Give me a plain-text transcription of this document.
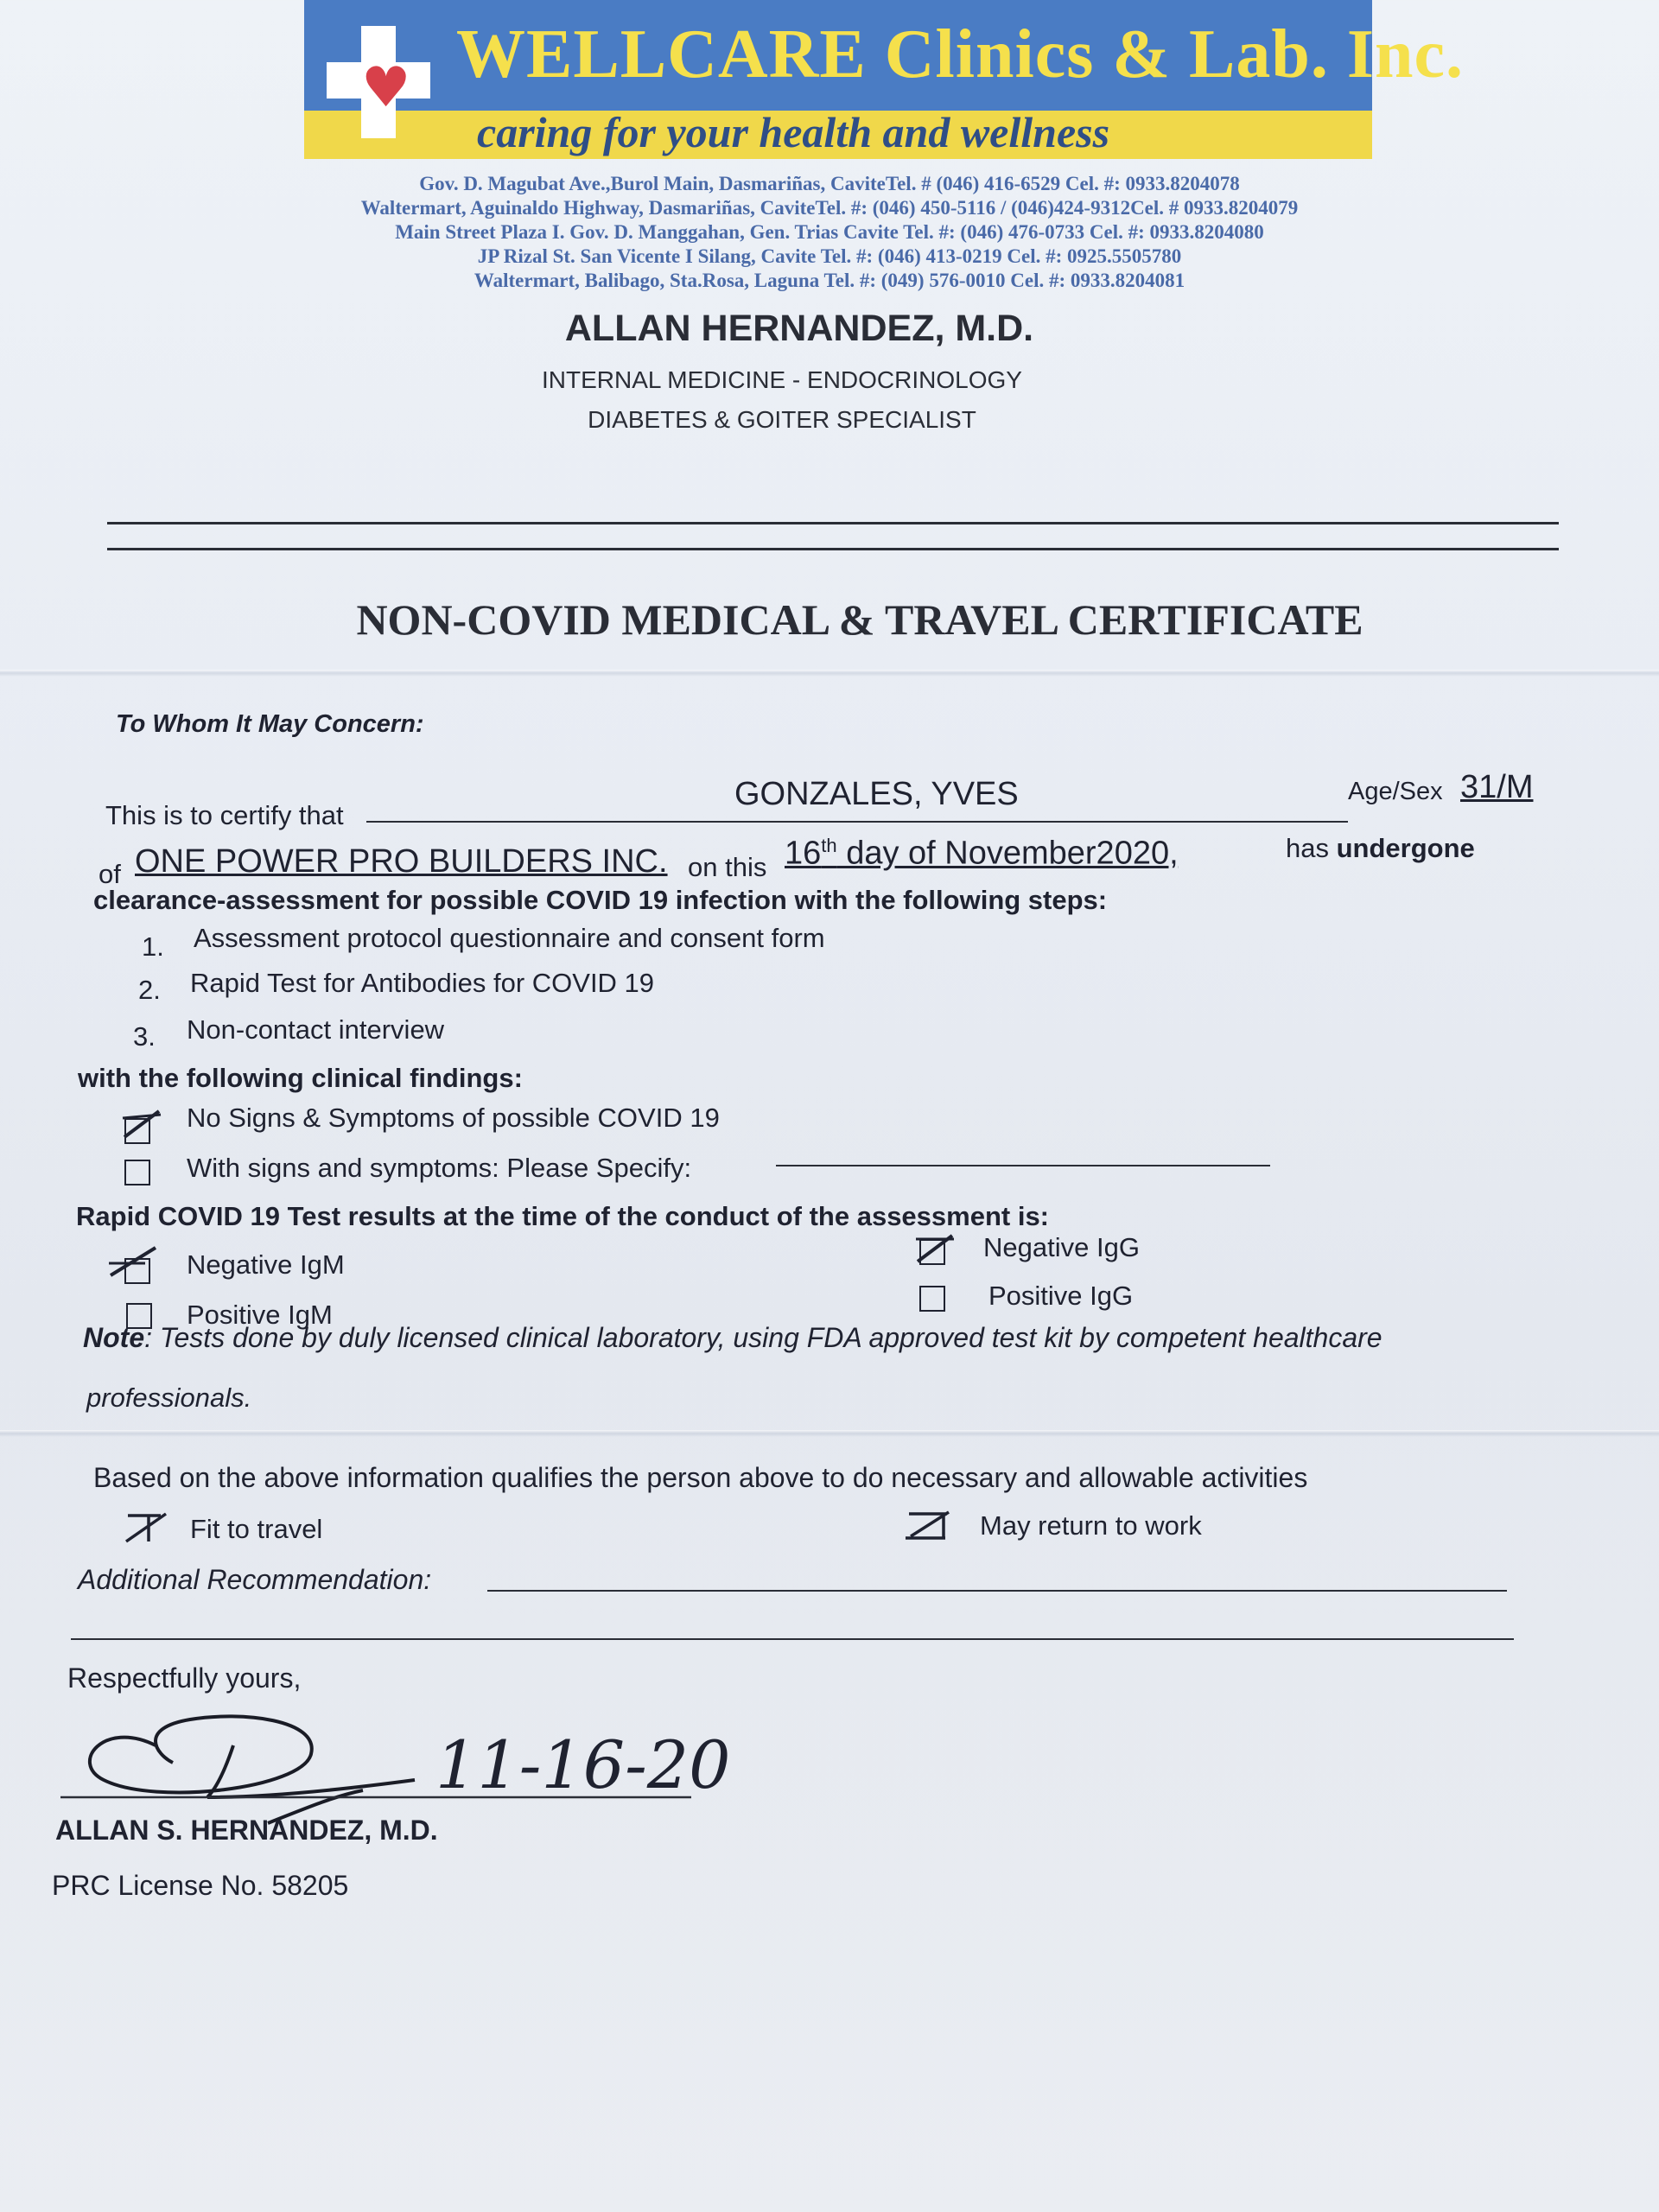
♥ WELLCARE Clinics & Lab. Inc.
caring for your health and wellness
Gov. D. Magubat Ave.,Burol Main, Dasmariñas, CaviteTel. # (046) 416-6529 Cel. #: 0933.8204078
Waltermart, Aguinaldo Highway, Dasmariñas, CaviteTel. #: (046) 450-5116 / (046)424-9312Cel. # 0933.8204079
Main Street Plaza I. Gov. D. Manggahan, Gen. Trias Cavite Tel. #: (046) 476-0733 Cel. #: 0933.8204080
JP Rizal St. San Vicente I Silang, Cavite Tel. #: (046) 413-0219 Cel. #: 0925.5505780
Waltermart, Balibago, Sta.Rosa, Laguna Tel. #: (049) 576-0010 Cel. #: 0933.8204081
ALLAN HERNANDEZ, M.D.
INTERNAL MEDICINE - ENDOCRINOLOGY
DIABETES & GOITER SPECIALIST
NON-COVID MEDICAL & TRAVEL CERTIFICATE
To Whom It May Concern:
This is to certify that
GONZALES, YVES	Age/Sex 31/M
of ONE POWER PRO BUILDERS INC. on this 16th day of November2020,	has undergone
clearance-assessment for possible COVID 19 infection with the following steps:
1. Assessment protocol questionnaire and consent form
2. Rapid Test for Antibodies for COVID 19
3. Non-contact interview
with the following clinical findings:
No Signs & Symptoms of possible COVID 19
With signs and symptoms: Please Specify:
Rapid COVID 19 Test results at the time of the conduct of the assessment is:
Negative IgM
Positive IgM
Negative IgG
Positive IgG
Note: Tests done by duly licensed clinical laboratory, using FDA approved test kit by competent healthcare
professionals.
Based on the above information qualifies the person above to do necessary and allowable activities
Fit to travel	May return to work
Additional Recommendation:
Respectfully yours,
11-16-20
ALLAN S. HERNANDEZ, M.D.
PRC License No. 58205
